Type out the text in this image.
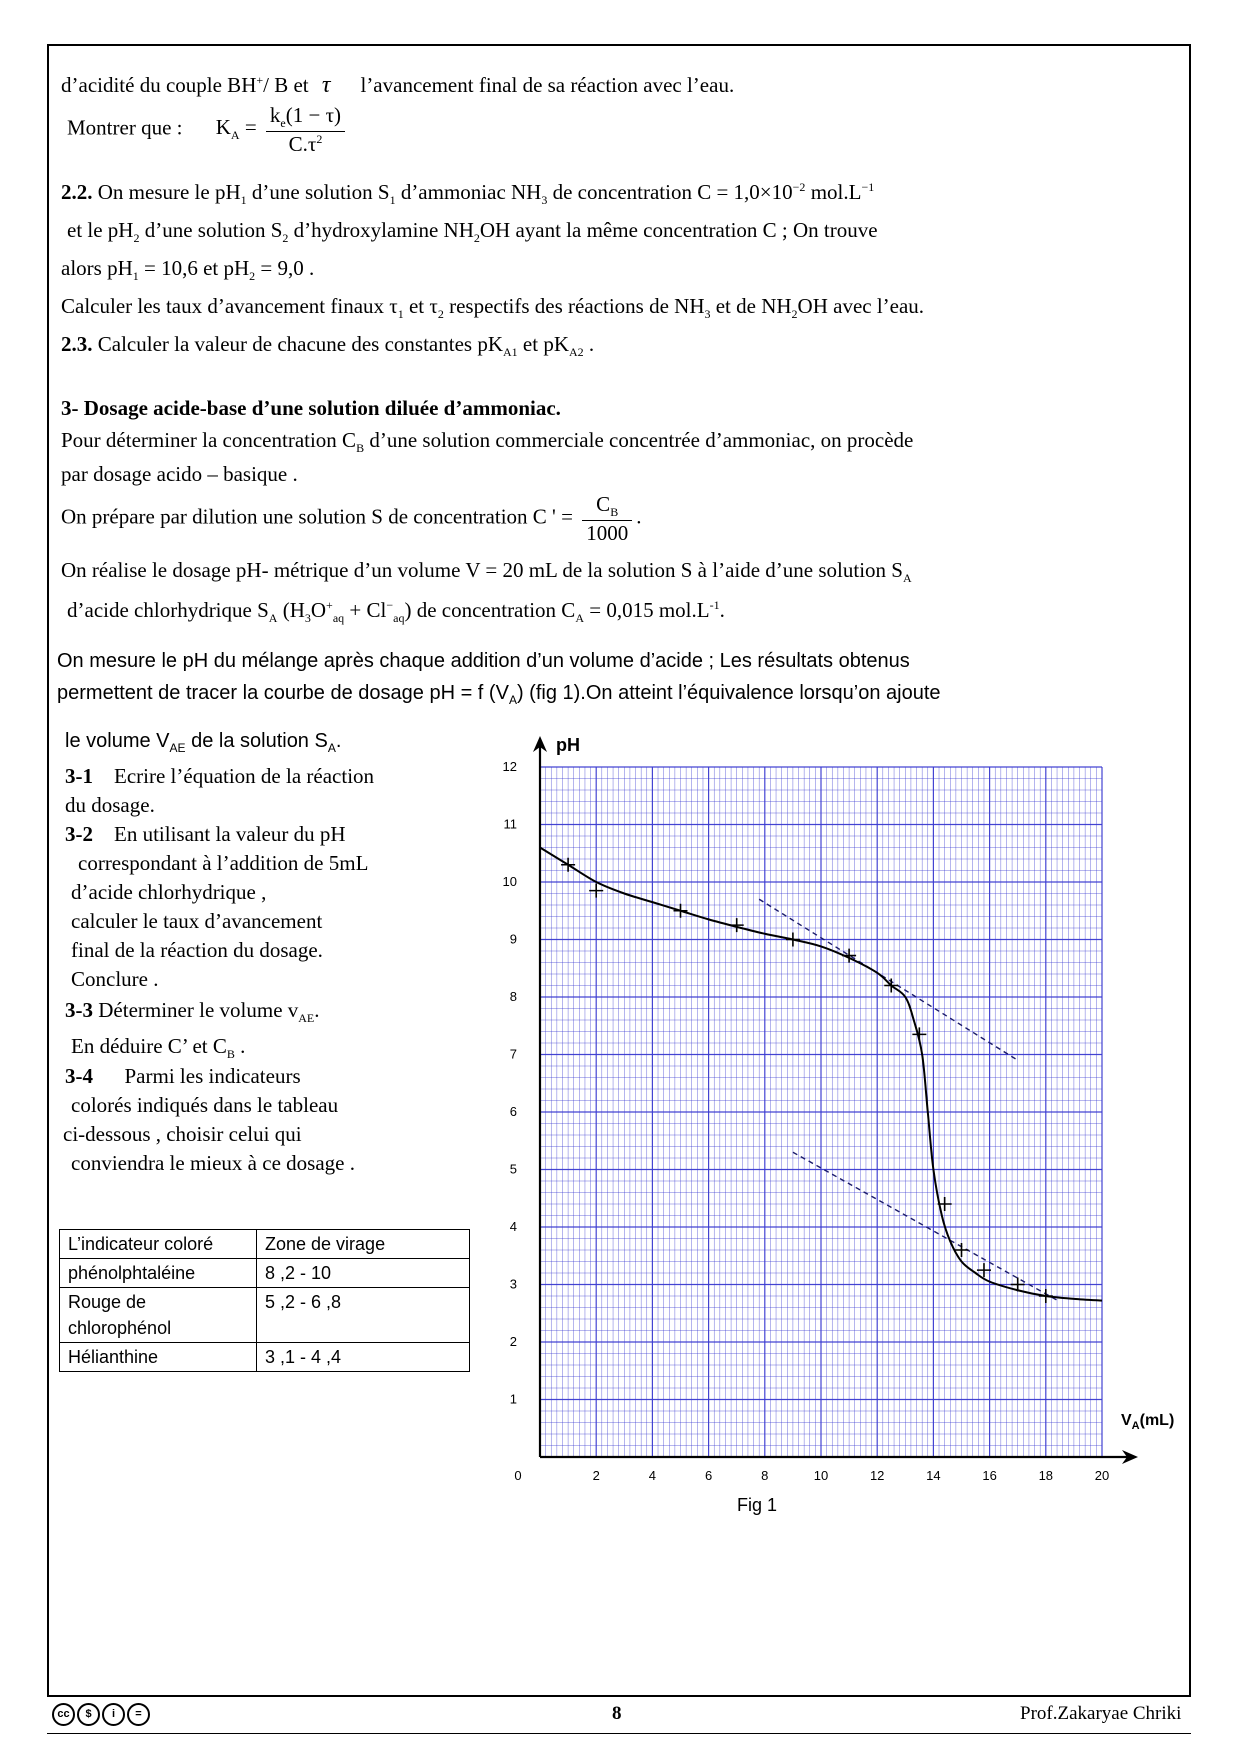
d’acidité du couple BH+/ B et τ l’avancement final de sa réaction avec l’eau.
Montrer que : $K_A = \frac{k_e(1 - \tau)}{C.\tau^2}$
2.2. On mesure le $pH_1$ d’une solution $S_1$ d’ammoniac $NH_3$ de concentration $C = 1,0\times 10^{-2}$ $mol.L^{-1}$
et le $pH_2$ d’une solution $S_2$ d’hydroxylamine $NH_2OH$ ayant la même concentration C ; On trouve
alors $pH_1 = 10,6$ et $pH_2 = 9,0$ .
Calculer les taux d’avancement finaux $\tau_1$ et $\tau_2$ respectifs des réactions de $NH_3$ et de $NH_2OH$ avec l’eau.
2.3. Calculer la valeur de chacune des constantes $pK_{A1}$ et $pK_{A2}$ .
3- Dosage acide-base d’une solution diluée d’ammoniac.
Pour déterminer la concentration $C_B$ d’une solution commerciale concentrée d’ammoniac, on procède
par dosage acido – basique .
On prépare par dilution une solution S de concentration C ' = $\frac{C_B}{1000}$ .
On réalise le dosage pH- métrique d’un volume V = 20 mL de la solution S à l’aide d’une solution $S_A$
d’acide chlorhydrique $S_A$ $(H_3O^+_{aq} + Cl^-_{aq})$ de concentration $C_A = 0,015$ $mol.L^{-1}$.
On mesure le pH du mélange après chaque addition d’un volume d’acide ; Les résultats obtenus
permettent de tracer la courbe de dosage pH = f $(V_A)$ (fig 1).On atteint l’équivalence lorsqu’on ajoute
le volume $V_{AE}$ de la solution $S_A$.
3-1 Ecrire l’équation de la réaction
du dosage.
3-2 En utilisant la valeur du pH
correspondant à l’addition de 5mL
d’acide chlorhydrique ,
calculer le taux d’avancement
final de la réaction du dosage.
Conclure .
3-3 Déterminer le volume $v_{AE}$.
En déduire C’ et $C_B$ .
3-4 Parmi les indicateurs
colorés indiqués dans le tableau
ci-dessous , choisir celui qui
conviendra le mieux à ce dosage .
L’indicateur coloré	Zone de virage
phénolphtaléine	8 ,2 - 10
Rouge de
chlorophénol	5 ,2 - 6 ,8
Hélianthine	3 ,1 - 4 ,4
0	2	4	6	8	10	12	14	16	18	20
1
2
3
4
5
6
7
8
9
10
11
12
pH
$V_A(mL)$
Fig 1
cc	$	i	=	8	Prof.Zakaryae Chriki
